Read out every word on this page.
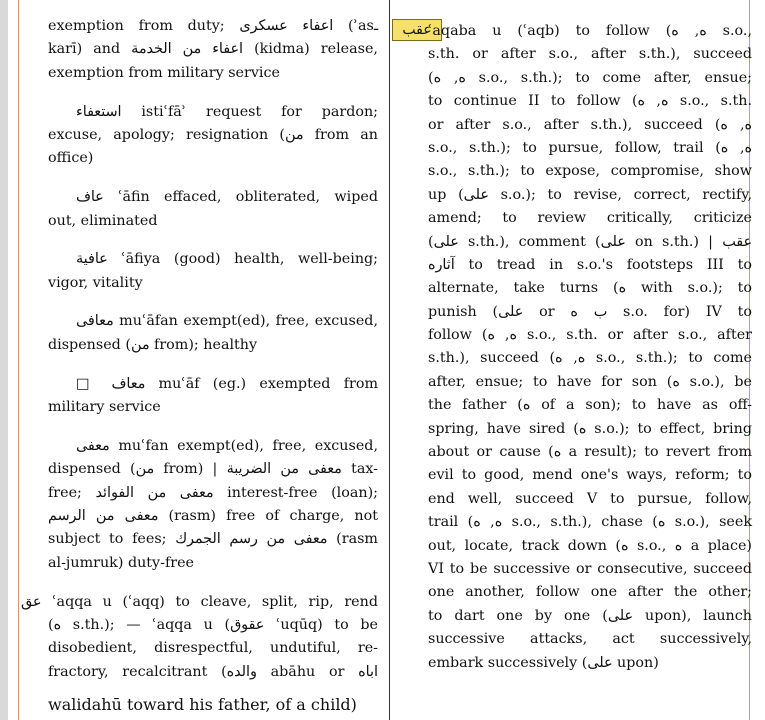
عقب
exemption from duty; اعفاء عسكرى (ʾasـ
karī) and اعفاء من الخدمة (kidma) release,
exemption from military service
استعفاء istiʿfāʾ request for pardon;
excuse, apology; resignation (من from an
office)
عاف ʿāfin effaced, obliterated, wiped
out, eliminated
عافية ʿāfiya (good) health, well-being;
vigor, vitality
معافى muʿāfan exempt(ed), free, excused,
dispensed (من from); healthy
□ معاف muʿāf (eg.) exempted from
military service
معفى muʿfan exempt(ed), free, excused,
dispensed (من from) | معفى من الضريبة tax-
free; معفى من الفوائد interest-free (loan);
معفى من الرسم (rasm) free of charge, not
subject to fees; معفى من رسم الجمرك (rasm
al-jumruk) duty-free
عق ʿaqqa u (ʿaqq) to cleave, split, rip, rend
(ه s.th.); — ʿaqqa u (عقوق ʿuqūq) to be
disobedient, disrespectful, undutiful, re-
fractory, recalcitrant (والده abāhu or اباه
ʿaqaba u (ʿaqb) to follow (ه, ه s.o.,
s.th. or after s.o., after s.th.), succeed
(ه, ه s.o., s.th.); to come after, ensue;
to continue II to follow (ه, ه s.o., s.th.
or after s.o., after s.th.), succeed (ه, ه
s.o., s.th.); to pursue, follow, trail (ه, ه
s.o., s.th.); to expose, compromise, show
up (على s.o.); to revise, correct, rectify,
amend; to review critically, criticize
(على s.th.), comment (على on s.th.) | عقب
آثاره to tread in s.o.'s footsteps III to
alternate, take turns (ه with s.o.); to
punish (على or ب ه s.o. for) IV to
follow (ه, ه s.o., s.th. or after s.o., after
s.th.), succeed (ه, ه s.o., s.th.); to come
after, ensue; to have for son (ه s.o.), be
the father (ه of a son); to have as off-
spring, have sired (ه s.o.); to effect, bring
about or cause (ه a result); to revert from
evil to good, mend one's ways, reform; to
end well, succeed V to pursue, follow,
trail (ه, ه s.o., s.th.), chase (ه s.o.), seek
out, locate, track down (ه s.o., ه a place)
VI to be successive or consecutive, succeed
one another, follow one after the other;
to dart one by one (على upon), launch
successive attacks, act successively,
embark successively (على upon)
walidahū toward his father, of a child)
